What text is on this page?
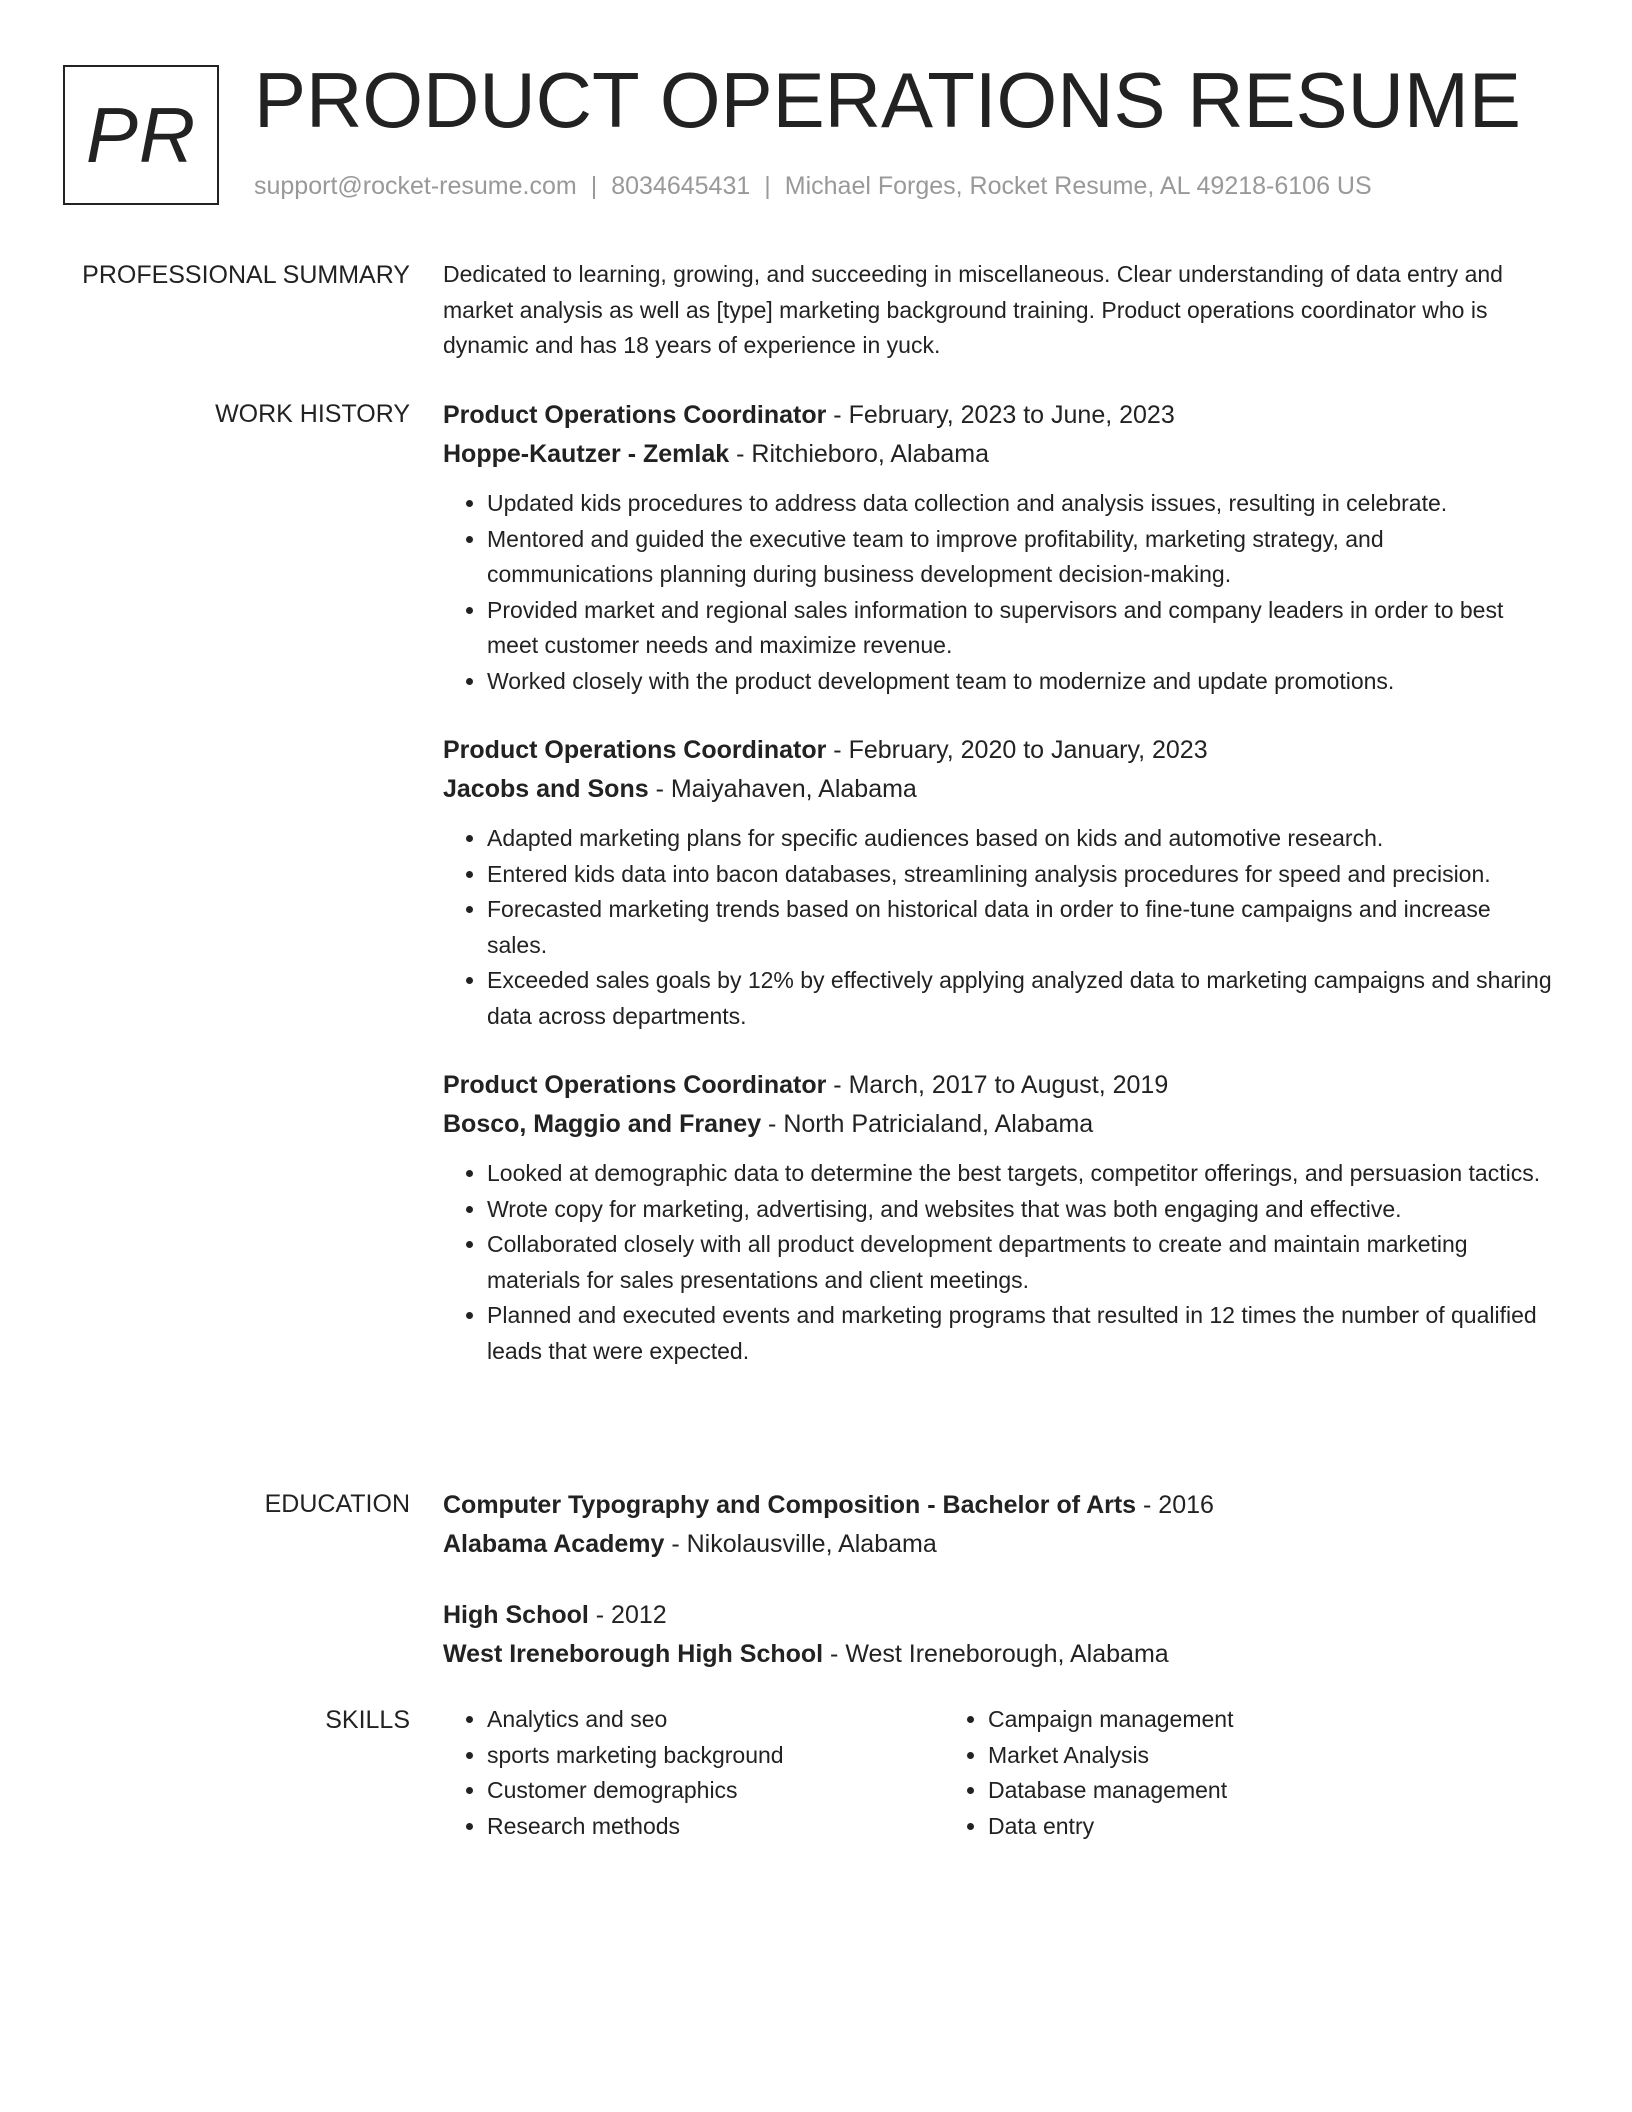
PR PRODUCT OPERATIONS RESUME
support@rocket-resume.com | 8034645431 | Michael Forges, Rocket Resume, AL 49218-6106 US
PROFESSIONAL SUMMARY Dedicated to learning, growing, and succeeding in miscellaneous. Clear understanding of data entry and market analysis as well as [type] marketing background training. Product operations coordinator who is dynamic and has 18 years of experience in yuck.

WORK HISTORY Product Operations Coordinator - February, 2023 to June, 2023

Hoppe-Kautzer - Zemlak - Ritchieboro, Alabama

• Updated kids procedures to address data collection and analysis issues, resulting in celebrate.
• Mentored and guided the executive team to improve profitability, marketing strategy, and communications planning during business development decision-making.
• Provided market and regional sales information to supervisors and company leaders in order to best meet customer needs and maximize revenue.
• Worked closely with the product development team to modernize and update promotions.

Product Operations Coordinator - February, 2020 to January, 2023

Jacobs and Sons - Maiyahaven, Alabama

• Adapted marketing plans for specific audiences based on kids and automotive research.
• Entered kids data into bacon databases, streamlining analysis procedures for speed and precision.
• Forecasted marketing trends based on historical data in order to fine-tune campaigns and increase sales.
• Exceeded sales goals by 12% by effectively applying analyzed data to marketing campaigns and sharing data across departments.

Product Operations Coordinator - March, 2017 to August, 2019

Bosco, Maggio and Franey - North Patricialand, Alabama

• Looked at demographic data to determine the best targets, competitor offerings, and persuasion tactics.
• Wrote copy for marketing, advertising, and websites that was both engaging and effective.
• Collaborated closely with all product development departments to create and maintain marketing materials for sales presentations and client meetings.
• Planned and executed events and marketing programs that resulted in 12 times the number of qualified leads that were expected.
EDUCATION Computer Typography and Composition - Bachelor of Arts - 2016

Alabama Academy - Nikolausville, Alabama

High School - 2012

West Ireneborough High School - West Ireneborough, Alabama

SKILLS
•	Analytics and seo
• sports marketing background
• Customer demographics
• Research methods
• Campaign management
• Market Analysis
• Database management
• Data entry
